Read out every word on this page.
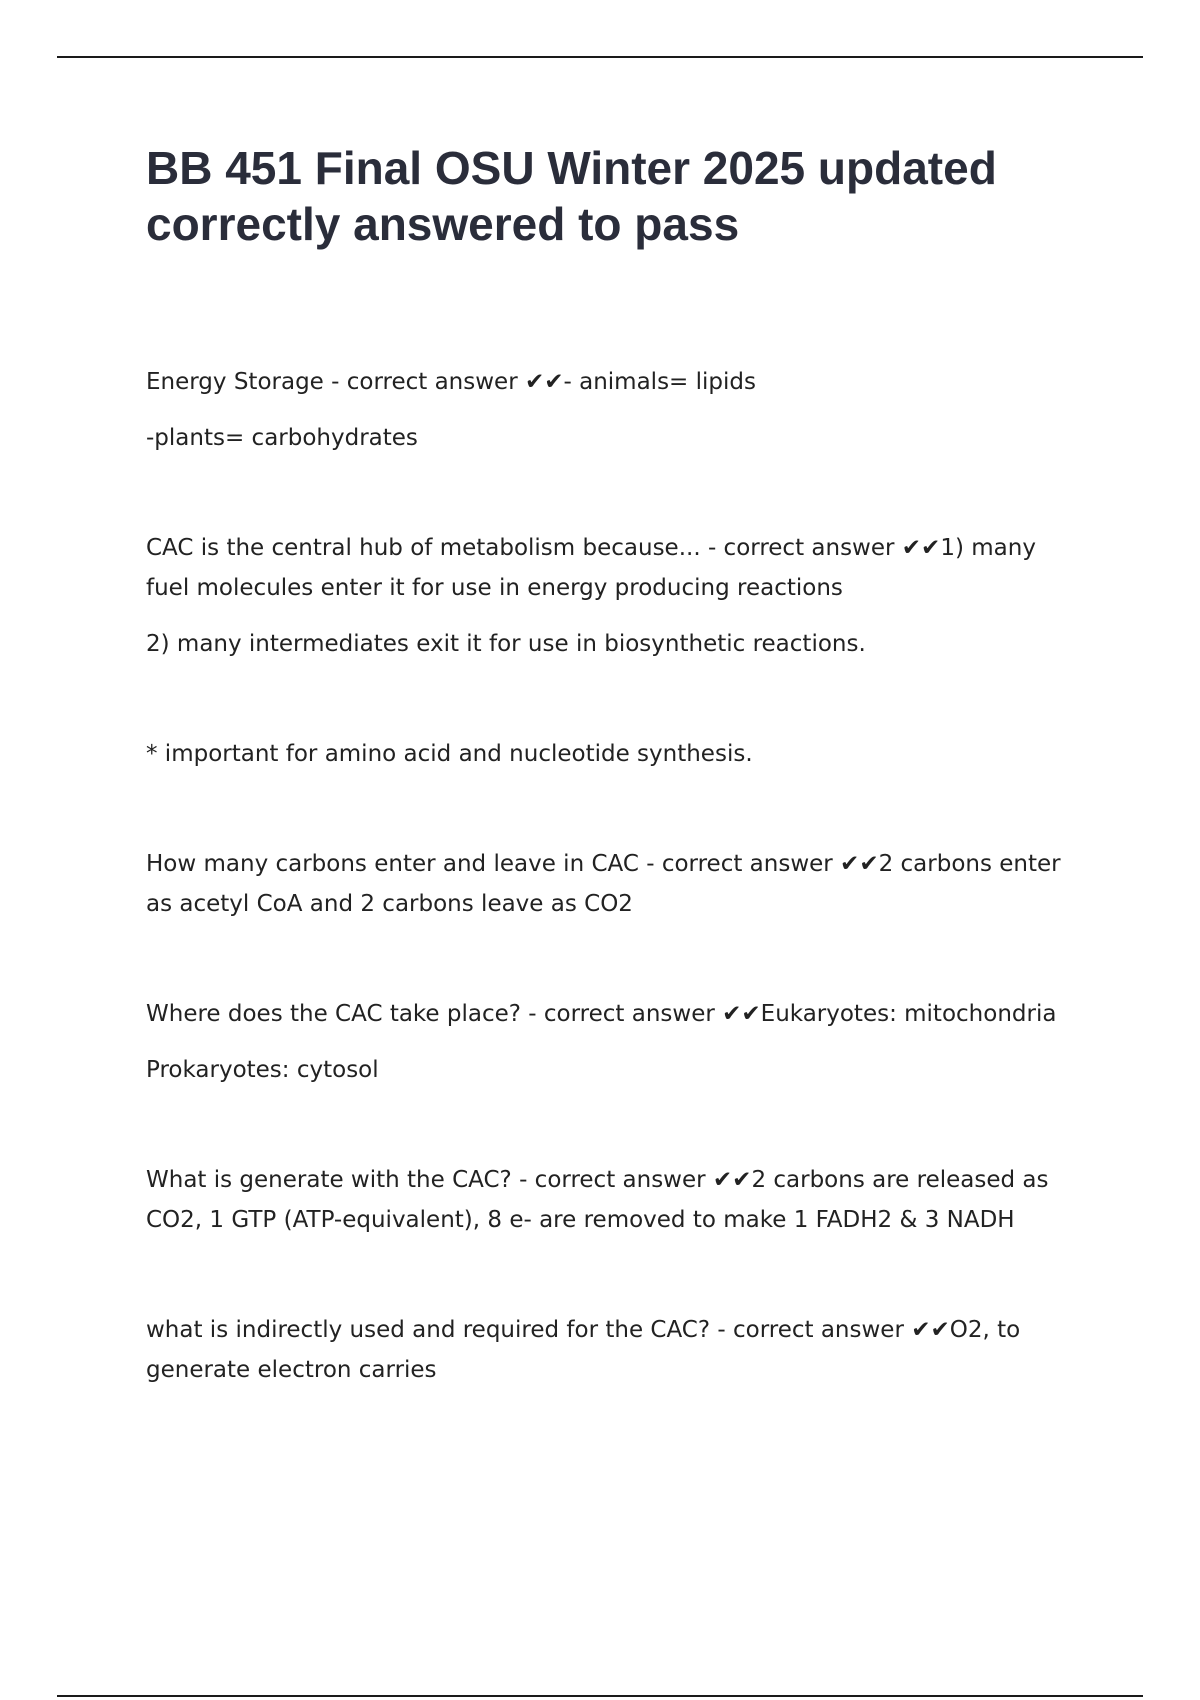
BB 451 Final OSU Winter 2025 updated
correctly answered to pass

Energy Storage - correct answer ✔✔- animals= lipids

-plants= carbohydrates

CAC is the central hub of metabolism because... - correct answer ✔✔1) many fuel molecules enter it for use in energy producing reactions

2) many intermediates exit it for use in biosynthetic reactions.

* important for amino acid and nucleotide synthesis.

How many carbons enter and leave in CAC - correct answer ✔✔2 carbons enter as acetyl CoA and 2 carbons leave as CO2

Where does the CAC take place? - correct answer ✔✔Eukaryotes: mitochondria

Prokaryotes: cytosol

What is generate with the CAC? - correct answer ✔✔2 carbons are released as CO2, 1 GTP (ATP-equivalent), 8 e- are removed to make 1 FADH2 & 3 NADH

what is indirectly used and required for the CAC? - correct answer ✔✔O2, to generate electron carries
